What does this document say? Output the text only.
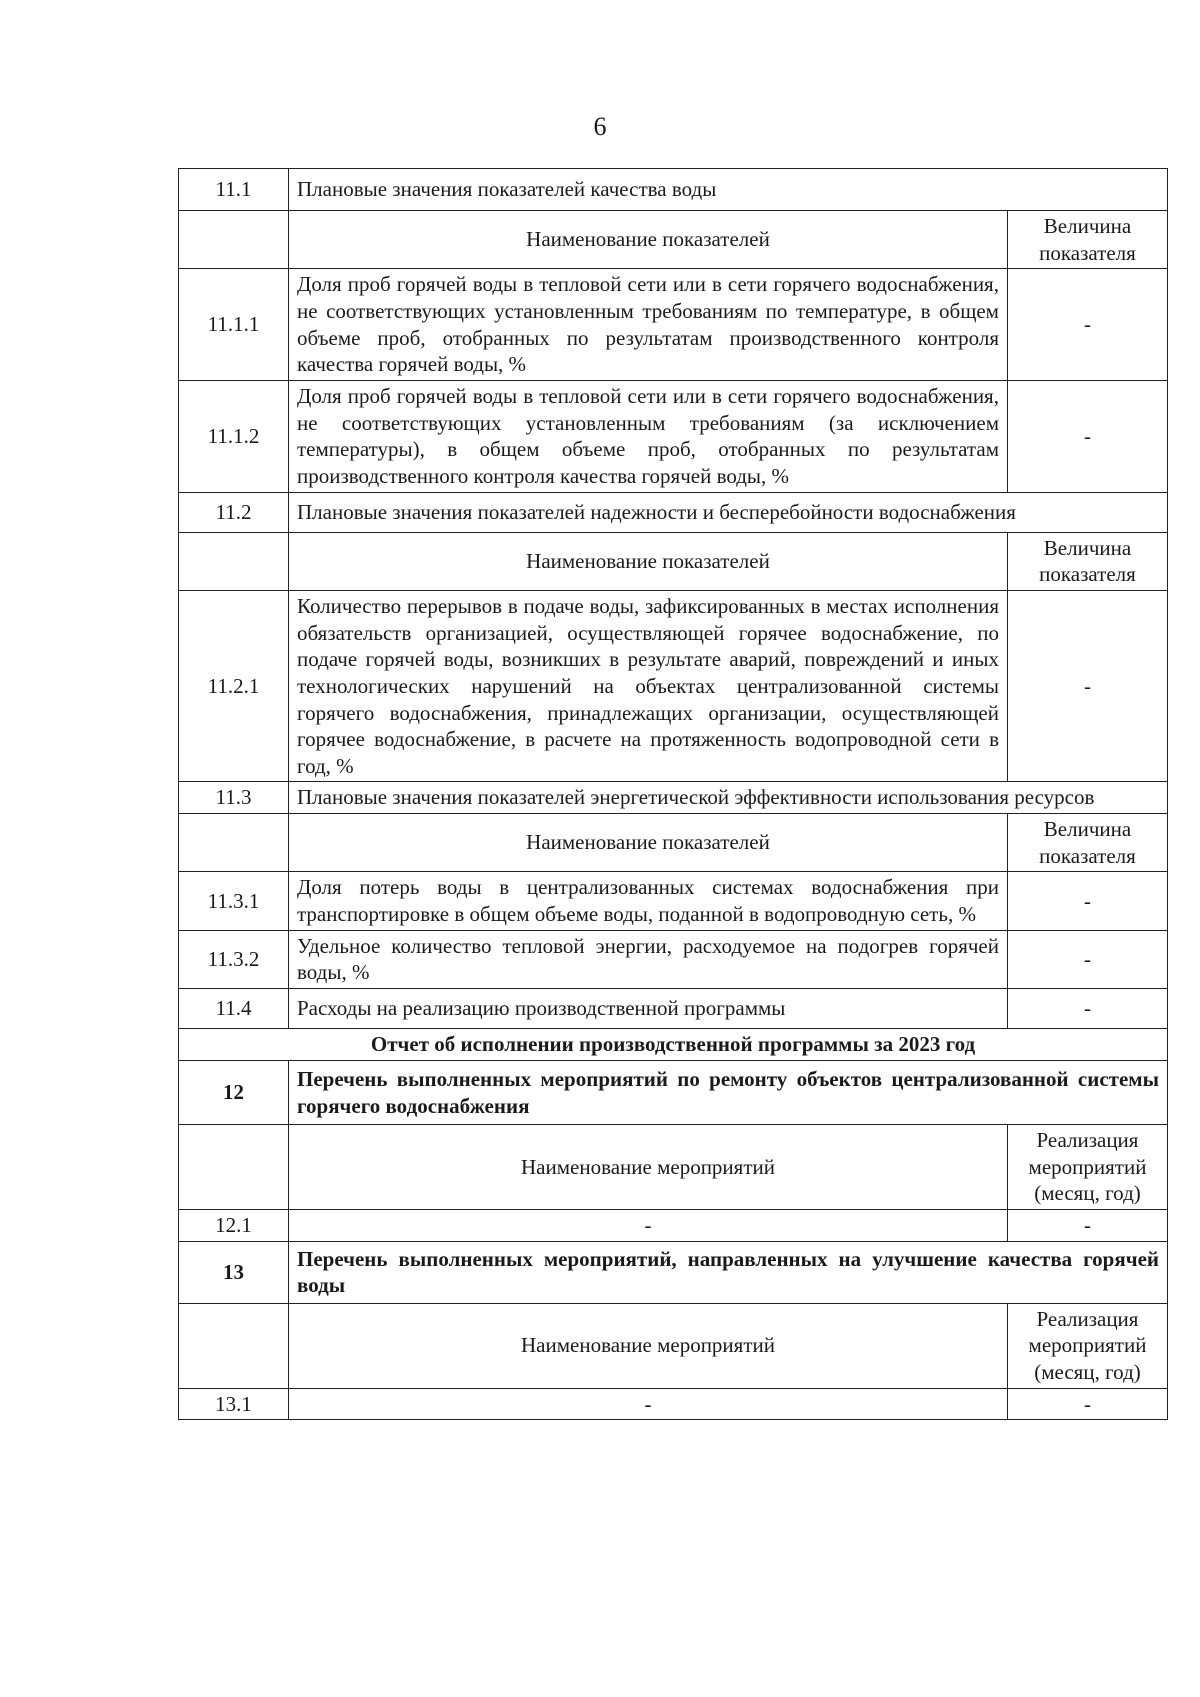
6
11.1	Плановые значения показателей качества воды	
	Наименование показателей	Величина показателя
11.1.1	Доля проб горячей воды в тепловой сети или в сети горячего водоснабжения, не соответствующих установленным требованиям по температуре, в общем объеме проб, отобранных по результатам производственного контроля качества горячей воды, %	-
11.1.2	Доля проб горячей воды в тепловой сети или в сети горячего водоснабжения, не соответствующих установленным требованиям (за исключением температуры), в общем объеме проб, отобранных по результатам производственного контроля качества горячей воды, %	-
11.2	Плановые значения показателей надежности и бесперебойности водоснабжения	
	Наименование показателей	Величина показателя
11.2.1	Количество перерывов в подаче воды, зафиксированных в местах исполнения обязательств организацией, осуществляющей горячее водоснабжение, по подаче горячей воды, возникших в результате аварий, повреждений и иных технологических нарушений на объектах централизованной системы горячего водоснабжения, принадлежащих организации, осуществляющей горячее водоснабжение, в расчете на протяженность водопроводной сети в год, %	-
11.3	Плановые значения показателей энергетической эффективности использования ресурсов	
	Наименование показателей	Величина показателя
11.3.1	Доля потерь воды в централизованных системах водоснабжения при транспортировке в общем объеме воды, поданной в водопроводную сеть, %	-
11.3.2	Удельное количество тепловой энергии, расходуемое на подогрев горячей воды, %	-
11.4	Расходы на реализацию производственной программы	-
Отчет об исполнении производственной программы за 2023 год		
12	Перечень выполненных мероприятий по ремонту объектов централизованной системы горячего водоснабжения	
	Наименование мероприятий	Реализация мероприятий (месяц, год)
12.1	-	-
13	Перечень выполненных мероприятий, направленных на улучшение качества горячей воды	
	Наименование мероприятий	Реализация мероприятий (месяц, год)
13.1	-	-
